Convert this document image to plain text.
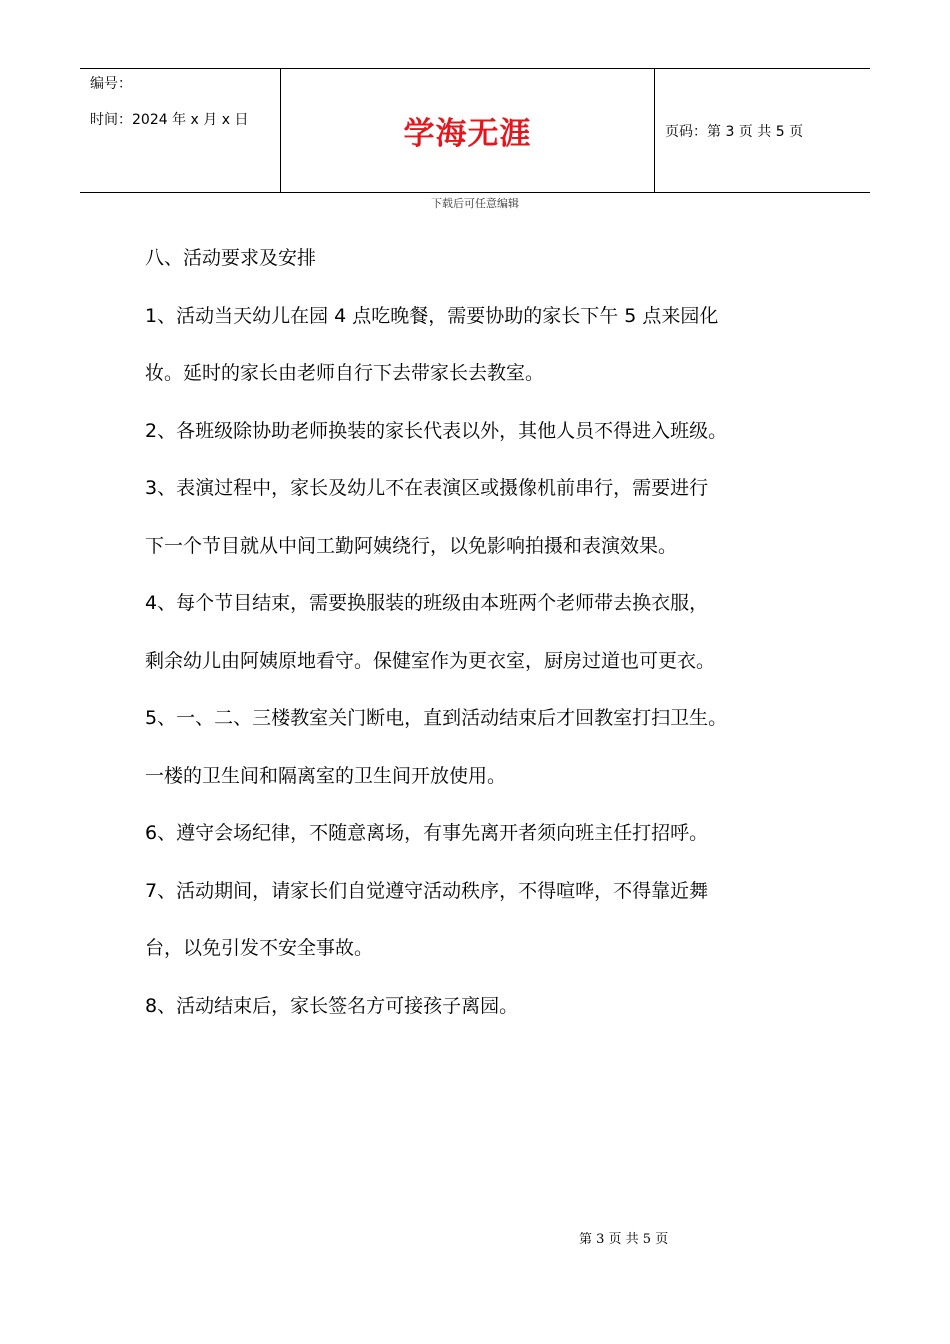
编号：
时间：2024 年 x 月 x 日	学海无涯	页码：第 3 页 共 5 页
下载后可任意编辑
八、活动要求及安排
1、活动当天幼儿在园 4 点吃晚餐，需要协助的家长下午 5 点来园化
妆。延时的家长由老师自行下去带家长去教室。
2、各班级除协助老师换装的家长代表以外，其他人员不得进入班级。
3、表演过程中，家长及幼儿不在表演区或摄像机前串行，需要进行
下一个节目就从中间工勤阿姨绕行，以免影响拍摄和表演效果。
4、每个节目结束，需要换服装的班级由本班两个老师带去换衣服，
剩余幼儿由阿姨原地看守。保健室作为更衣室，厨房过道也可更衣。
5、一、二、三楼教室关门断电，直到活动结束后才回教室打扫卫生。
一楼的卫生间和隔离室的卫生间开放使用。
6、遵守会场纪律，不随意离场，有事先离开者须向班主任打招呼。
7、活动期间，请家长们自觉遵守活动秩序，不得喧哗，不得靠近舞
台，以免引发不安全事故。
8、活动结束后，家长签名方可接孩子离园。
第 3 页 共 5 页
